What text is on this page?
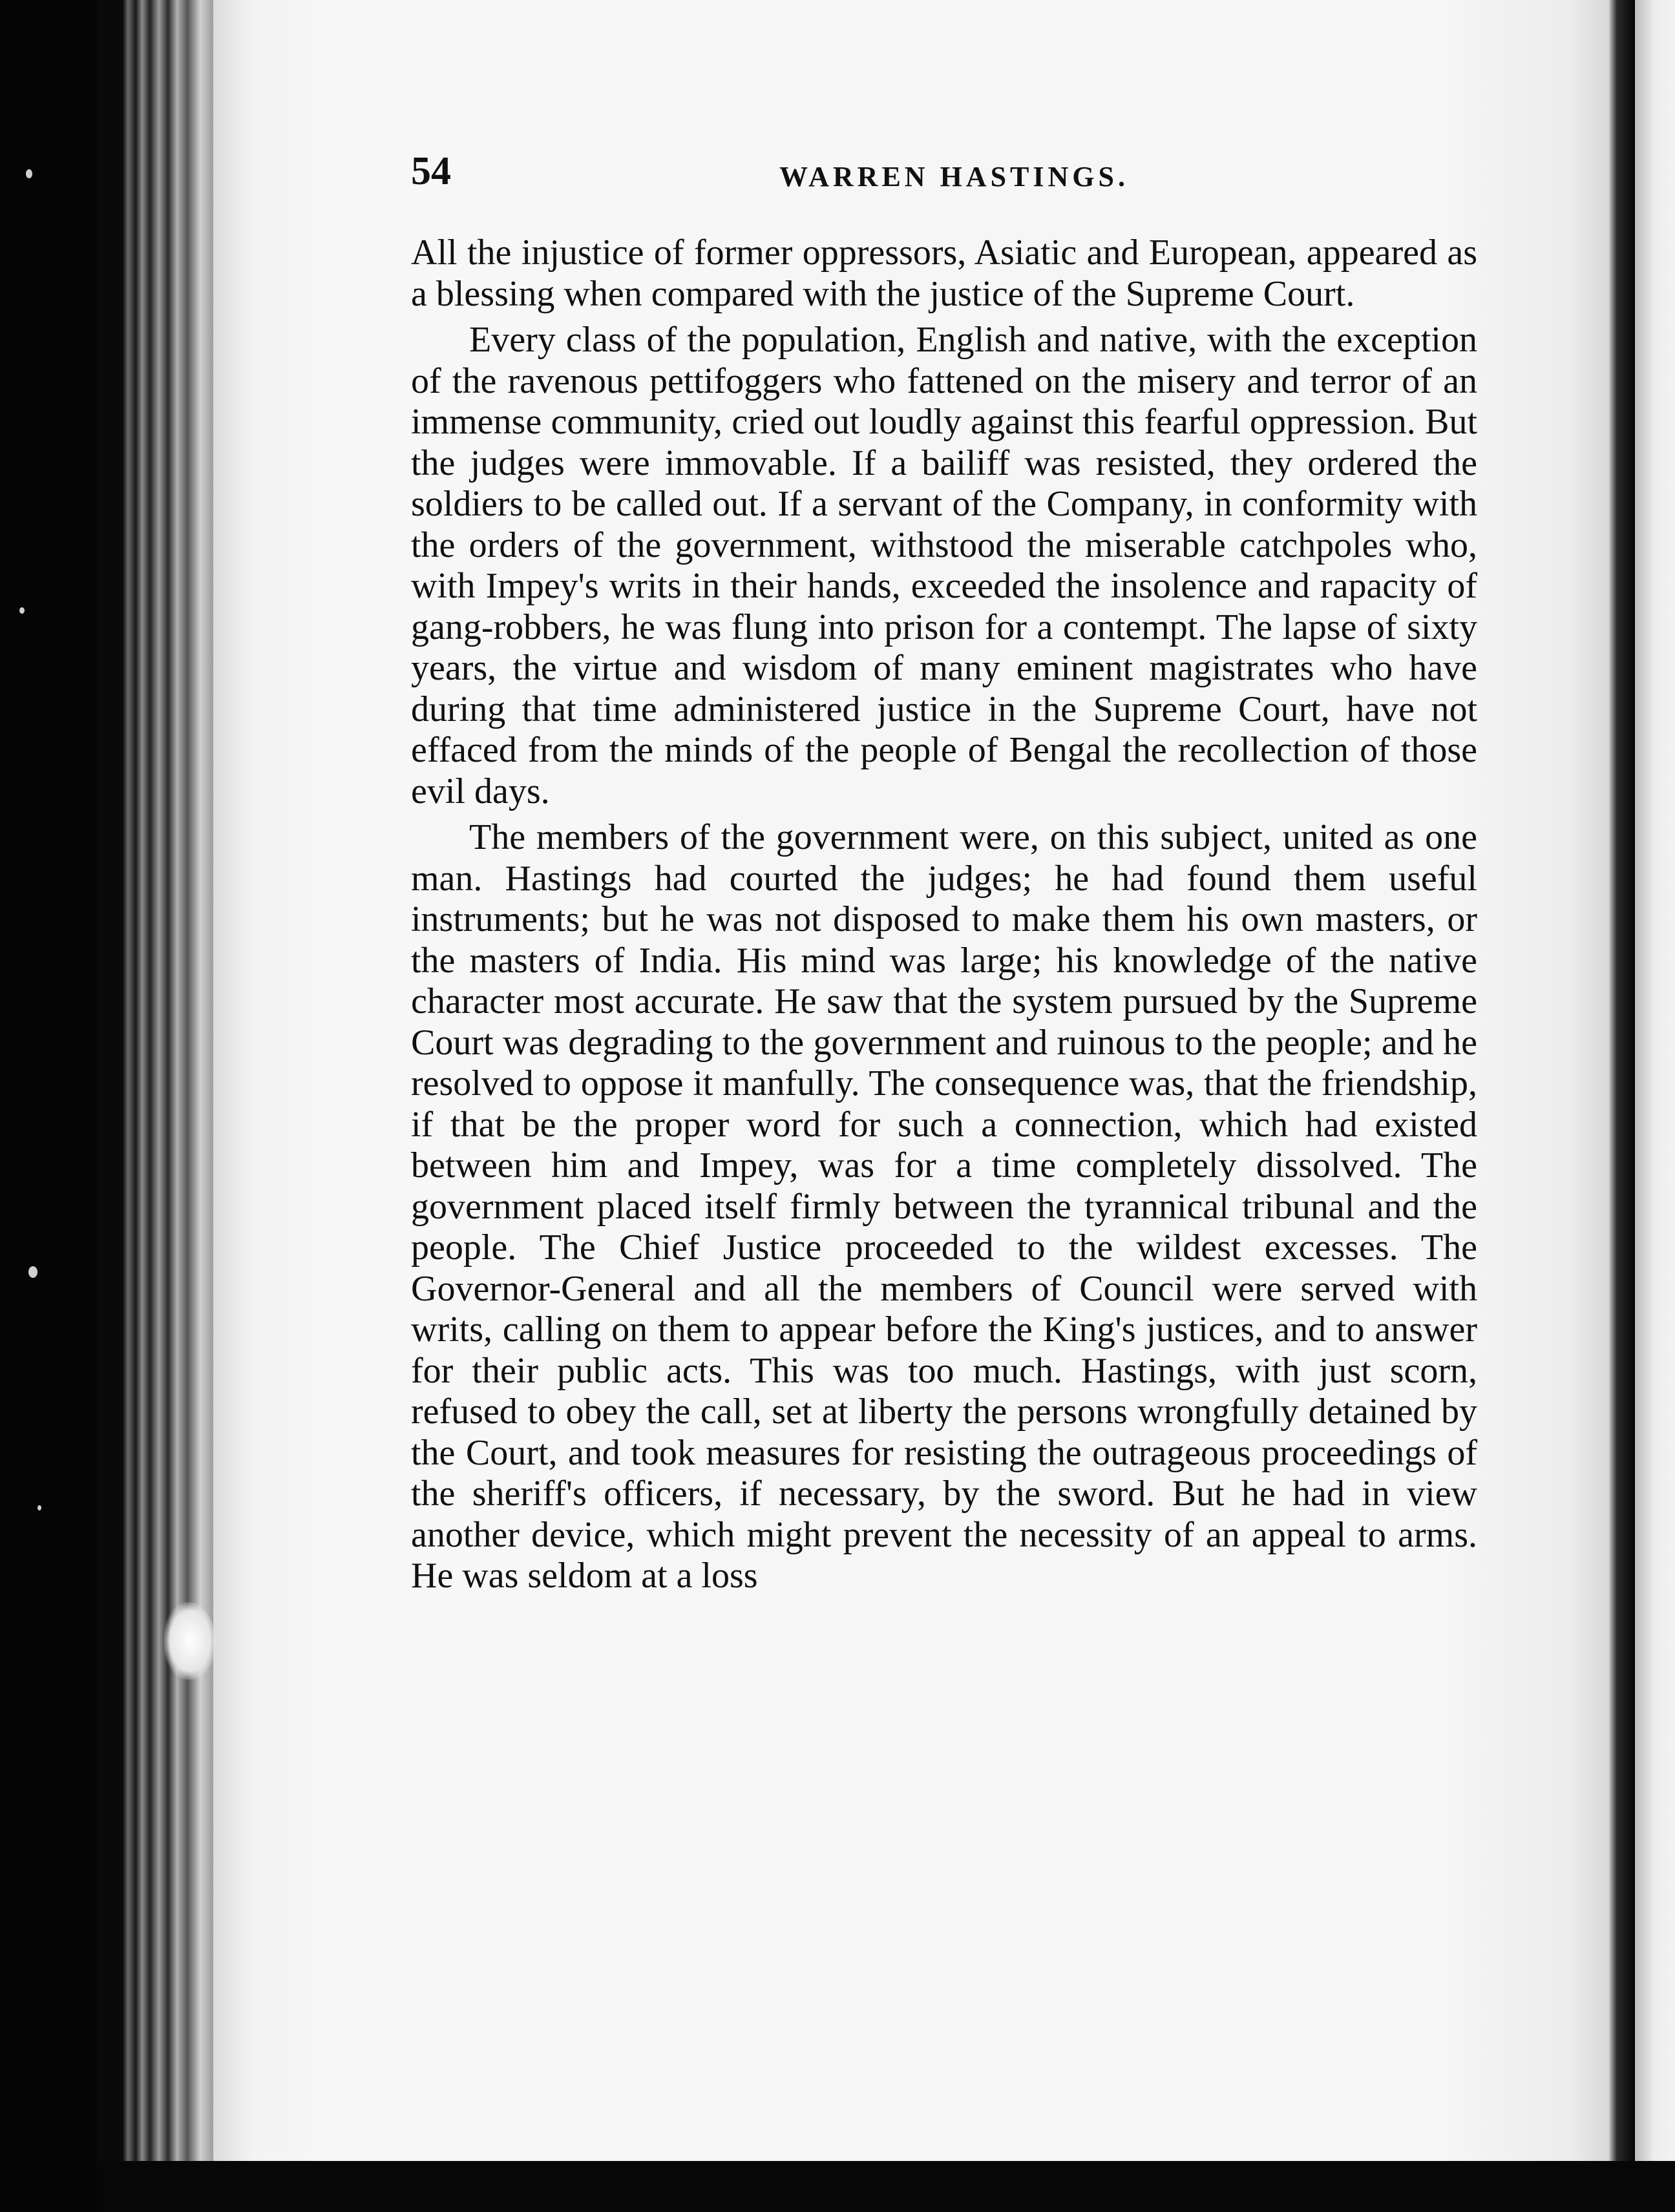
54	WARREN HASTINGS.

All the injustice of former oppressors, Asiatic and European, appeared as a blessing when compared with the justice of the Supreme Court.

Every class of the population, English and native, with the exception of the ravenous pettifoggers who fattened on the misery and terror of an immense community, cried out loudly against this fearful oppression. But the judges were immovable. If a bailiff was resisted, they ordered the soldiers to be called out. If a servant of the Company, in conformity with the orders of the government, withstood the miserable catchpoles who, with Impey's writs in their hands, exceeded the insolence and rapacity of gang-robbers, he was flung into prison for a contempt. The lapse of sixty years, the virtue and wisdom of many eminent magistrates who have during that time administered justice in the Supreme Court, have not effaced from the minds of the people of Bengal the recollection of those evil days.

The members of the government were, on this subject, united as one man. Hastings had courted the judges; he had found them useful instruments; but he was not disposed to make them his own masters, or the masters of India. His mind was large; his knowledge of the native character most accurate. He saw that the system pursued by the Supreme Court was degrading to the government and ruinous to the people; and he resolved to oppose it manfully. The consequence was, that the friendship, if that be the proper word for such a connection, which had existed between him and Impey, was for a time completely dissolved. The government placed itself firmly between the tyrannical tribunal and the people. The Chief Justice proceeded to the wildest excesses. The Governor-General and all the members of Council were served with writs, calling on them to appear before the King's justices, and to answer for their public acts. This was too much. Hastings, with just scorn, refused to obey the call, set at liberty the persons wrongfully detained by the Court, and took measures for resisting the outrageous proceedings of the sheriff's officers, if necessary, by the sword. But he had in view another device, which might prevent the necessity of an appeal to arms. He was seldom at a loss
